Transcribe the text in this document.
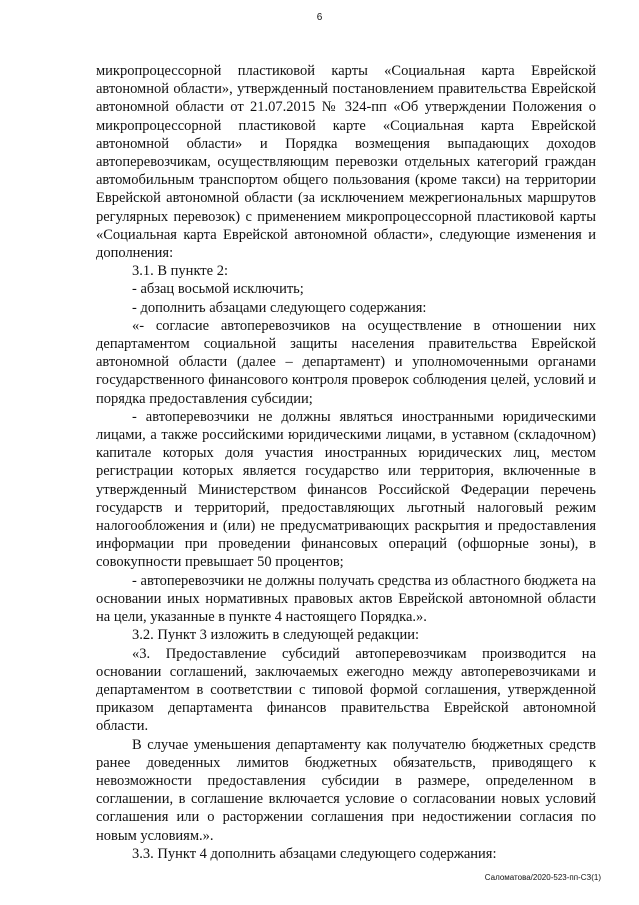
6

микропроцессорной пластиковой карты «Социальная карта Еврейской автономной области», утвержденный постановлением правительства Еврейской автономной области от 21.07.2015 № 324-пп «Об утверждении Положения о микропроцессорной пластиковой карте «Социальная карта Еврейской автономной области» и Порядка возмещения выпадающих доходов автоперевозчикам, осуществляющим перевозки отдельных категорий граждан автомобильным транспортом общего пользования (кроме такси) на территории Еврейской автономной области (за исключением межрегиональных маршрутов регулярных перевозок) с применением микропроцессорной пластиковой карты «Социальная карта Еврейской автономной области», следующие изменения и дополнения:

3.1. В пункте 2:

- абзац восьмой исключить;

- дополнить абзацами следующего содержания:

«- согласие автоперевозчиков на осуществление в отношении них департаментом социальной защиты населения правительства Еврейской автономной области (далее – департамент) и уполномоченными органами государственного финансового контроля проверок соблюдения целей, условий и порядка предоставления субсидии;

- автоперевозчики не должны являться иностранными юридическими лицами, а также российскими юридическими лицами, в уставном (складочном) капитале которых доля участия иностранных юридических лиц, местом регистрации которых является государство или территория, включенные в утвержденный Министерством финансов Российской Федерации перечень государств и территорий, предоставляющих льготный налоговый режим налогообложения и (или) не предусматривающих раскрытия и предоставления информации при проведении финансовых операций (офшорные зоны), в совокупности превышает 50 процентов;

- автоперевозчики не должны получать средства из областного бюджета на основании иных нормативных правовых актов Еврейской автономной области на цели, указанные в пункте 4 настоящего Порядка.».

3.2. Пункт 3 изложить в следующей редакции:

«3. Предоставление субсидий автоперевозчикам производится на основании соглашений, заключаемых ежегодно между автоперевозчиками и департаментом в соответствии с типовой формой соглашения, утвержденной приказом департамента финансов правительства Еврейской автономной области.

В случае уменьшения департаменту как получателю бюджетных средств ранее доведенных лимитов бюджетных обязательств, приводящего к невозможности предоставления субсидии в размере, определенном в соглашении, в соглашение включается условие о согласовании новых условий соглашения или о расторжении соглашения при недостижении согласия по новым условиям.».

3.3. Пункт 4 дополнить абзацами следующего содержания:

Саломатова/2020-523-пп-СЗ(1)
